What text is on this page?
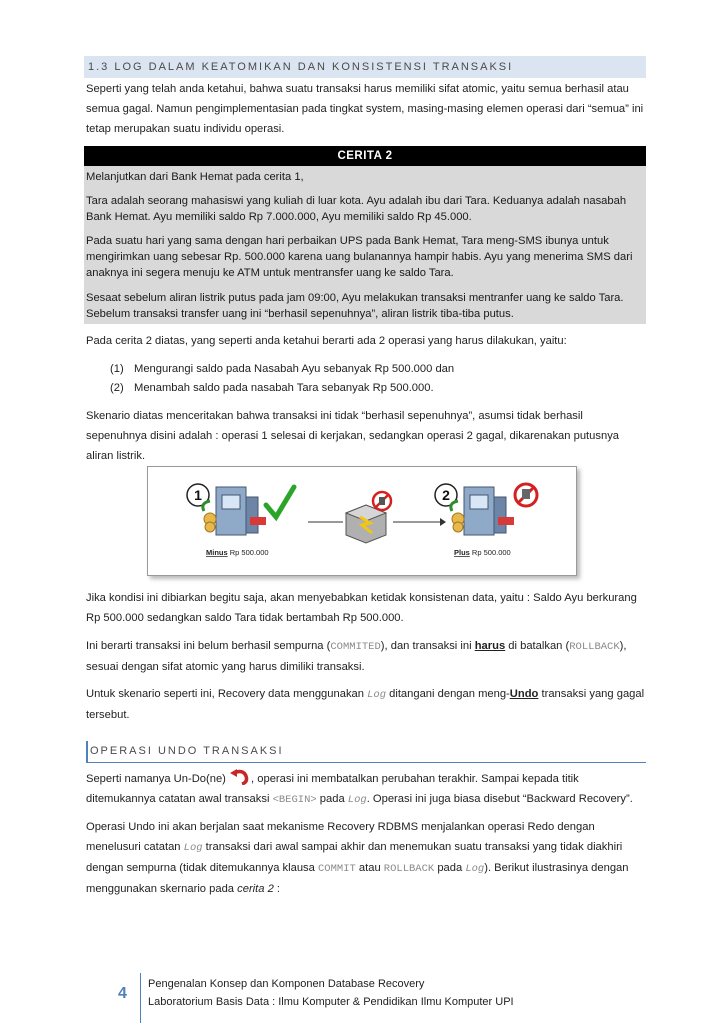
1.3 LOG DALAM KEATOMIKAN DAN KONSISTENSI TRANSAKSI
Seperti yang telah anda ketahui, bahwa suatu transaksi harus memiliki sifat atomic, yaitu semua berhasil atau semua gagal. Namun pengimplementasian pada tingkat system, masing-masing elemen operasi dari “semua” ini tetap merupakan suatu individu operasi.
CERITA 2
Melanjutkan dari Bank Hemat pada cerita 1,
Tara adalah seorang mahasiswi yang kuliah di luar kota. Ayu adalah ibu dari Tara. Keduanya adalah nasabah Bank Hemat. Ayu memiliki saldo Rp 7.000.000, Ayu memiliki saldo Rp 45.000.
Pada suatu hari yang sama dengan hari perbaikan UPS pada Bank Hemat, Tara meng-SMS ibunya untuk mengirimkan uang sebesar Rp. 500.000 karena uang bulanannya hampir habis. Ayu yang menerima SMS dari anaknya ini segera menuju ke ATM untuk mentransfer uang ke saldo Tara.
Sesaat sebelum aliran listrik putus pada jam 09:00, Ayu melakukan transaksi mentranfer uang ke saldo Tara. Sebelum transaksi transfer uang ini “berhasil sepenuhnya”, aliran listrik tiba-tiba putus.
Pada cerita 2 diatas, yang seperti anda ketahui berarti ada 2 operasi yang harus dilakukan, yaitu:
(1) Mengurangi saldo pada Nasabah Ayu sebanyak Rp 500.000 dan
(2) Menambah saldo pada nasabah Tara sebanyak Rp 500.000.
Skenario diatas menceritakan bahwa transaksi ini tidak “berhasil sepenuhnya”, asumsi tidak berhasil sepenuhnya disini adalah : operasi 1 selesai di kerjakan, sedangkan operasi 2 gagal, dikarenakan putusnya aliran listrik.
1
Minus Rp 500.000
2
Plus Rp 500.000
Jika kondisi ini dibiarkan begitu saja, akan menyebabkan ketidak konsistenan data, yaitu : Saldo Ayu berkurang Rp 500.000 sedangkan saldo Tara tidak bertambah Rp 500.000.
Ini berarti transaksi ini belum berhasil sempurna (COMMITED), dan transaksi ini harus di batalkan (ROLLBACK), sesuai dengan sifat atomic yang harus dimiliki transaksi.
Untuk skenario seperti ini, Recovery data menggunakan Log ditangani dengan meng-Undo transaksi yang gagal tersebut.
OPERASI UNDO TRANSAKSI
Seperti namanya Un-Do(ne) , operasi ini membatalkan perubahan terakhir. Sampai kepada titik ditemukannya catatan awal transaksi <BEGIN> pada Log. Operasi ini juga biasa disebut “Backward Recovery”.
Operasi Undo ini akan berjalan saat mekanisme Recovery RDBMS menjalankan operasi Redo dengan menelusuri catatan Log transaksi dari awal sampai akhir dan menemukan suatu transaksi yang tidak diakhiri dengan sempurna (tidak ditemukannya klausa COMMIT atau ROLLBACK pada Log). Berikut ilustrasinya dengan menggunakan skernario pada cerita 2 :
4
Pengenalan Konsep dan Komponen Database Recovery
Laboratorium Basis Data : Ilmu Komputer & Pendidikan Ilmu Komputer UPI
